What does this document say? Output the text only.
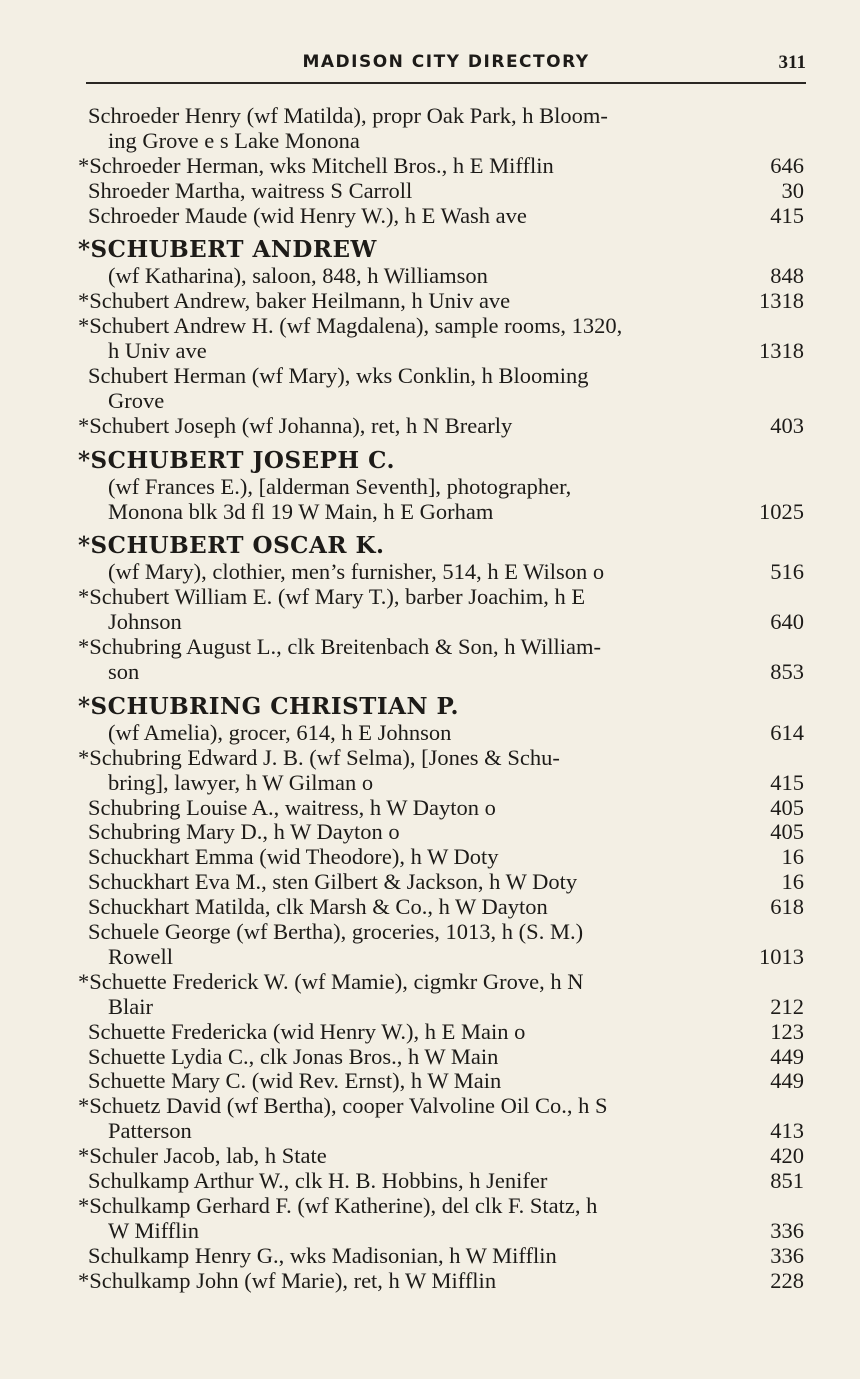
MADISON CITY DIRECTORY	311
Schroeder Henry (wf Matilda), propr Oak Park, h Bloom-
ing Grove e s Lake Monona
*Schroeder Herman, wks Mitchell Bros., h E Mifflin	646
Shroeder Martha, waitress S Carroll	30
Schroeder Maude (wid Henry W.), h E Wash ave	415
*SCHUBERT ANDREW
(wf Katharina), saloon, 848, h Williamson	848
*Schubert Andrew, baker Heilmann, h Univ ave	1318
*Schubert Andrew H. (wf Magdalena), sample rooms, 1320,
h Univ ave	1318
Schubert Herman (wf Mary), wks Conklin, h Blooming
Grove
*Schubert Joseph (wf Johanna), ret, h N Brearly	403
*SCHUBERT JOSEPH C.
(wf Frances E.), [alderman Seventh], photographer,
Monona blk 3d fl 19 W Main, h E Gorham	1025
*SCHUBERT OSCAR K.
(wf Mary), clothier, men’s furnisher, 514, h E Wilson o	516
*Schubert William E. (wf Mary T.), barber Joachim, h E
Johnson	640
*Schubring August L., clk Breitenbach & Son, h William-
son	853
*SCHUBRING CHRISTIAN P.
(wf Amelia), grocer, 614, h E Johnson	614
*Schubring Edward J. B. (wf Selma), [Jones & Schu-
bring], lawyer, h W Gilman o	415
Schubring Louise A., waitress, h W Dayton o	405
Schubring Mary D., h W Dayton o	405
Schuckhart Emma (wid Theodore), h W Doty	16
Schuckhart Eva M., sten Gilbert & Jackson, h W Doty	16
Schuckhart Matilda, clk Marsh & Co., h W Dayton	618
Schuele George (wf Bertha), groceries, 1013, h (S. M.)
Rowell	1013
*Schuette Frederick W. (wf Mamie), cigmkr Grove, h N
Blair	212
Schuette Fredericka (wid Henry W.), h E Main o	123
Schuette Lydia C., clk Jonas Bros., h W Main	449
Schuette Mary C. (wid Rev. Ernst), h W Main	449
*Schuetz David (wf Bertha), cooper Valvoline Oil Co., h S
Patterson	413
*Schuler Jacob, lab, h State	420
Schulkamp Arthur W., clk H. B. Hobbins, h Jenifer	851
*Schulkamp Gerhard F. (wf Katherine), del clk F. Statz, h
W Mifflin	336
Schulkamp Henry G., wks Madisonian, h W Mifflin	336
*Schulkamp John (wf Marie), ret, h W Mifflin	228
